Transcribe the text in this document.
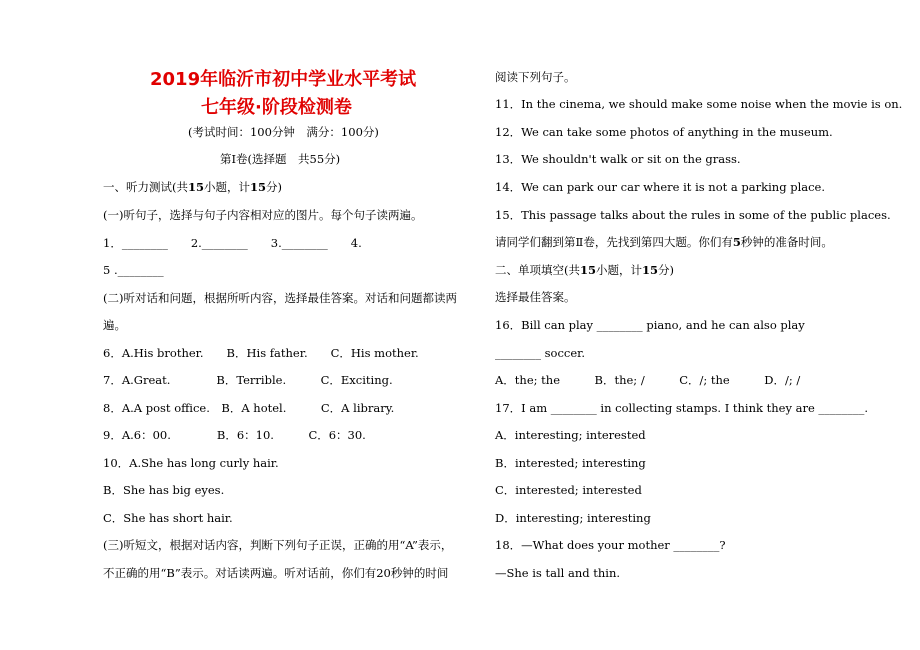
2019年临沂市初中学业水平考试
七年级·阶段检测卷
(考试时间：100分钟　满分：100分)
第Ⅰ卷(选择题　共55分)
一、听力测试(共15小题，计15分)
(一)听句子，选择与句子内容相对应的图片。每个句子读两遍。
1．________　　2.________　　3.________　　4.
5 .________
(二)听对话和问题，根据所听内容，选择最佳答案。对话和问题都读两
遍。
6．A.His brother.　　B．His father.　　C．His mother.
7．A.Great.　　　　B．Terrible.　　　C．Exciting.
8．A.A post office.　B．A hotel.　　　C．A library.
9．A.6：00.　　　　B．6：10.　　　C．6：30.
10．A.She has long curly hair.
B．She has big eyes.
C．She has short hair.
(三)听短文，根据对话内容，判断下列句子正误，正确的用“A”表示，
不正确的用“B”表示。对话读两遍。听对话前，你们有20秒钟的时间
阅读下列句子。
11．In the cinema, we should make some noise when the movie is on.
12．We can take some photos of anything in the museum.
13．We shouldn't walk or sit on the grass.
14．We can park our car where it is not a parking place.
15．This passage talks about the rules in some of the public places.
请同学们翻到第Ⅱ卷，先找到第四大题。你们有5秒钟的准备时间。
二、单项填空(共15小题，计15分)
选择最佳答案。
16．Bill can play ________ piano, and he can also play
________ soccer.
A．the; the　　　B．the; /　　　C．/; the　　　D．/; /
17．I am ________ in collecting stamps. I think they are ________.
A．interesting; interested
B．interested; interesting
C．interested; interested
D．interesting; interesting
18．—What does your mother ________?
—She is tall and thin.
